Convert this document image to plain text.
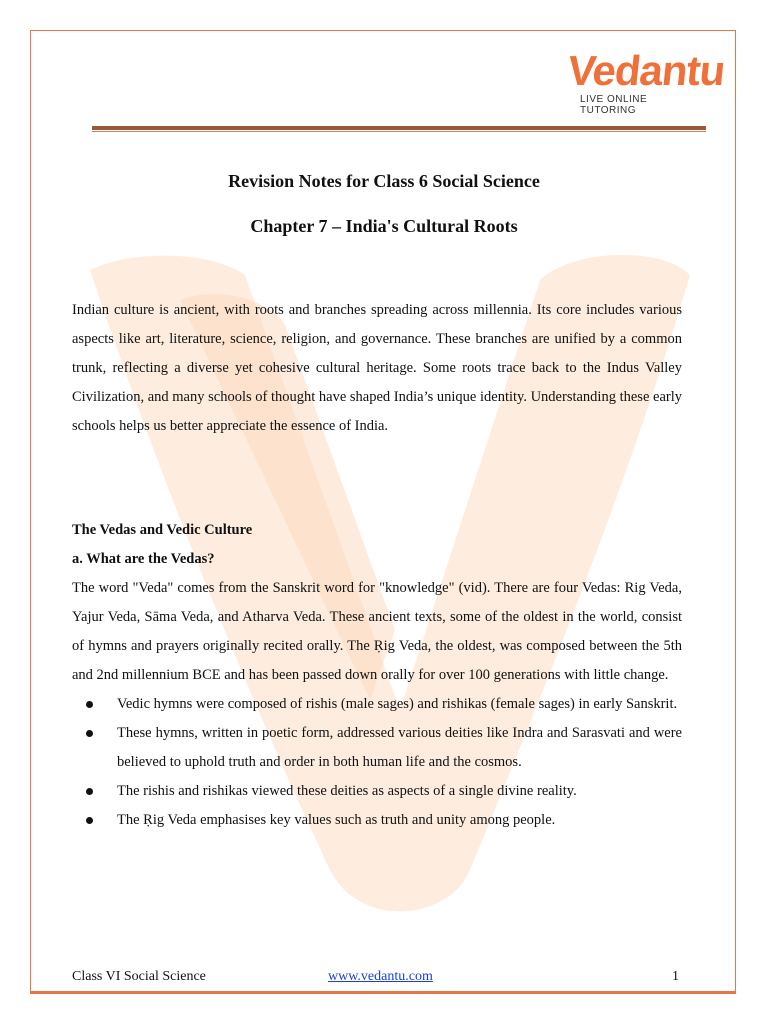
Vedantu
LIVE ONLINE TUTORING
Revision Notes for Class 6 Social Science
Chapter 7 – India's Cultural Roots

Indian culture is ancient, with roots and branches spreading across millennia. Its core includes various aspects like art, literature, science, religion, and governance. These branches are unified by a common trunk, reflecting a diverse yet cohesive cultural heritage. Some roots trace back to the Indus Valley Civilization, and many schools of thought have shaped India’s unique identity. Understanding these early schools helps us better appreciate the essence of India.

The Vedas and Vedic Culture
a. What are the Vedas?

The word "Veda" comes from the Sanskrit word for "knowledge" (vid). There are four Vedas: Rig Veda, Yajur Veda, Sāma Veda, and Atharva Veda. These ancient texts, some of the oldest in the world, consist of hymns and prayers originally recited orally. The Ṛig Veda, the oldest, was composed between the 5th and 2nd millennium BCE and has been passed down orally for over 100 generations with little change.

Vedic hymns were composed of rishis (male sages) and rishikas (female sages) in early Sanskrit.
These hymns, written in poetic form, addressed various deities like Indra and Sarasvati and were believed to uphold truth and order in both human life and the cosmos.
The rishis and rishikas viewed these deities as aspects of a single divine reality.
The Ṛig Veda emphasises key values such as truth and unity among people.
Class VI Social Science	www.vedantu.com	1
